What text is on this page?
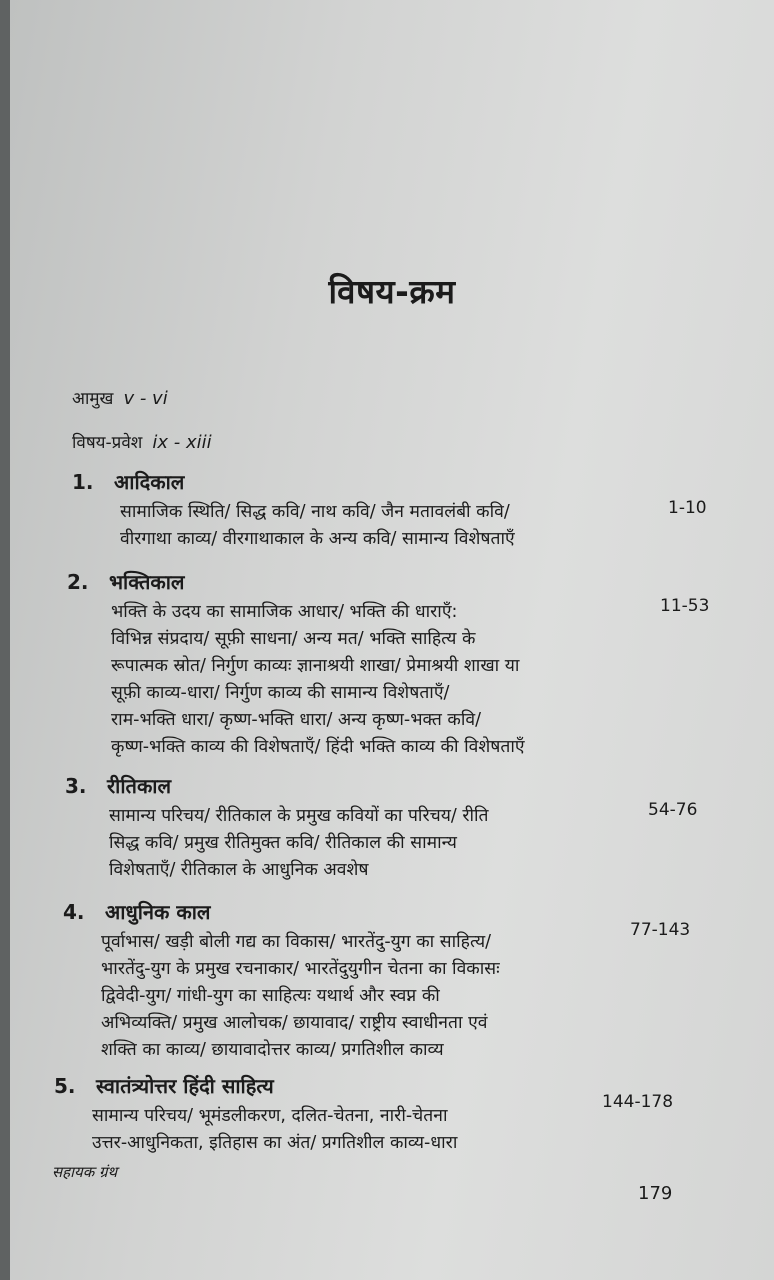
विषय-क्रम
आमुख v - vi
विषय-प्रवेश ix - xiii
1. आदिकाल
सामाजिक स्थिति/ सिद्ध कवि/ नाथ कवि/ जैन मतावलंबी कवि/
वीरगाथा काव्य/ वीरगाथाकाल के अन्य कवि/ सामान्य विशेषताएँ
1-10
2. भक्तिकाल
भक्ति के उदय का सामाजिक आधार/ भक्ति की धाराएँ:
विभिन्न संप्रदाय/ सूफ़ी साधना/ अन्य मत/ भक्ति साहित्य के
रूपात्मक स्रोत/ निर्गुण काव्यः ज्ञानाश्रयी शाखा/ प्रेमाश्रयी शाखा या
सूफ़ी काव्य-धारा/ निर्गुण काव्य की सामान्य विशेषताएँ/
राम-भक्ति धारा/ कृष्ण-भक्ति धारा/ अन्य कृष्ण-भक्त कवि/
कृष्ण-भक्ति काव्य की विशेषताएँ/ हिंदी भक्ति काव्य की विशेषताएँ
11-53
3. रीतिकाल
सामान्य परिचय/ रीतिकाल के प्रमुख कवियों का परिचय/ रीति
सिद्ध कवि/ प्रमुख रीतिमुक्त कवि/ रीतिकाल की सामान्य
विशेषताएँ/ रीतिकाल के आधुनिक अवशेष
54-76
4. आधुनिक काल
पूर्वाभास/ खड़ी बोली गद्य का विकास/ भारतेंदु-युग का साहित्य/
भारतेंदु-युग के प्रमुख रचनाकार/ भारतेंदुयुगीन चेतना का विकासः
द्विवेदी-युग/ गांधी-युग का साहित्यः यथार्थ और स्वप्न की
अभिव्यक्ति/ प्रमुख आलोचक/ छायावाद/ राष्ट्रीय स्वाधीनता एवं
शक्ति का काव्य/ छायावादोत्तर काव्य/ प्रगतिशील काव्य
77-143
5. स्वातंत्र्योत्तर हिंदी साहित्य
सामान्य परिचय/ भूमंडलीकरण, दलित-चेतना, नारी-चेतना
उत्तर-आधुनिकता, इतिहास का अंत/ प्रगतिशील काव्य-धारा
144-178
सहायक ग्रंथ
179
